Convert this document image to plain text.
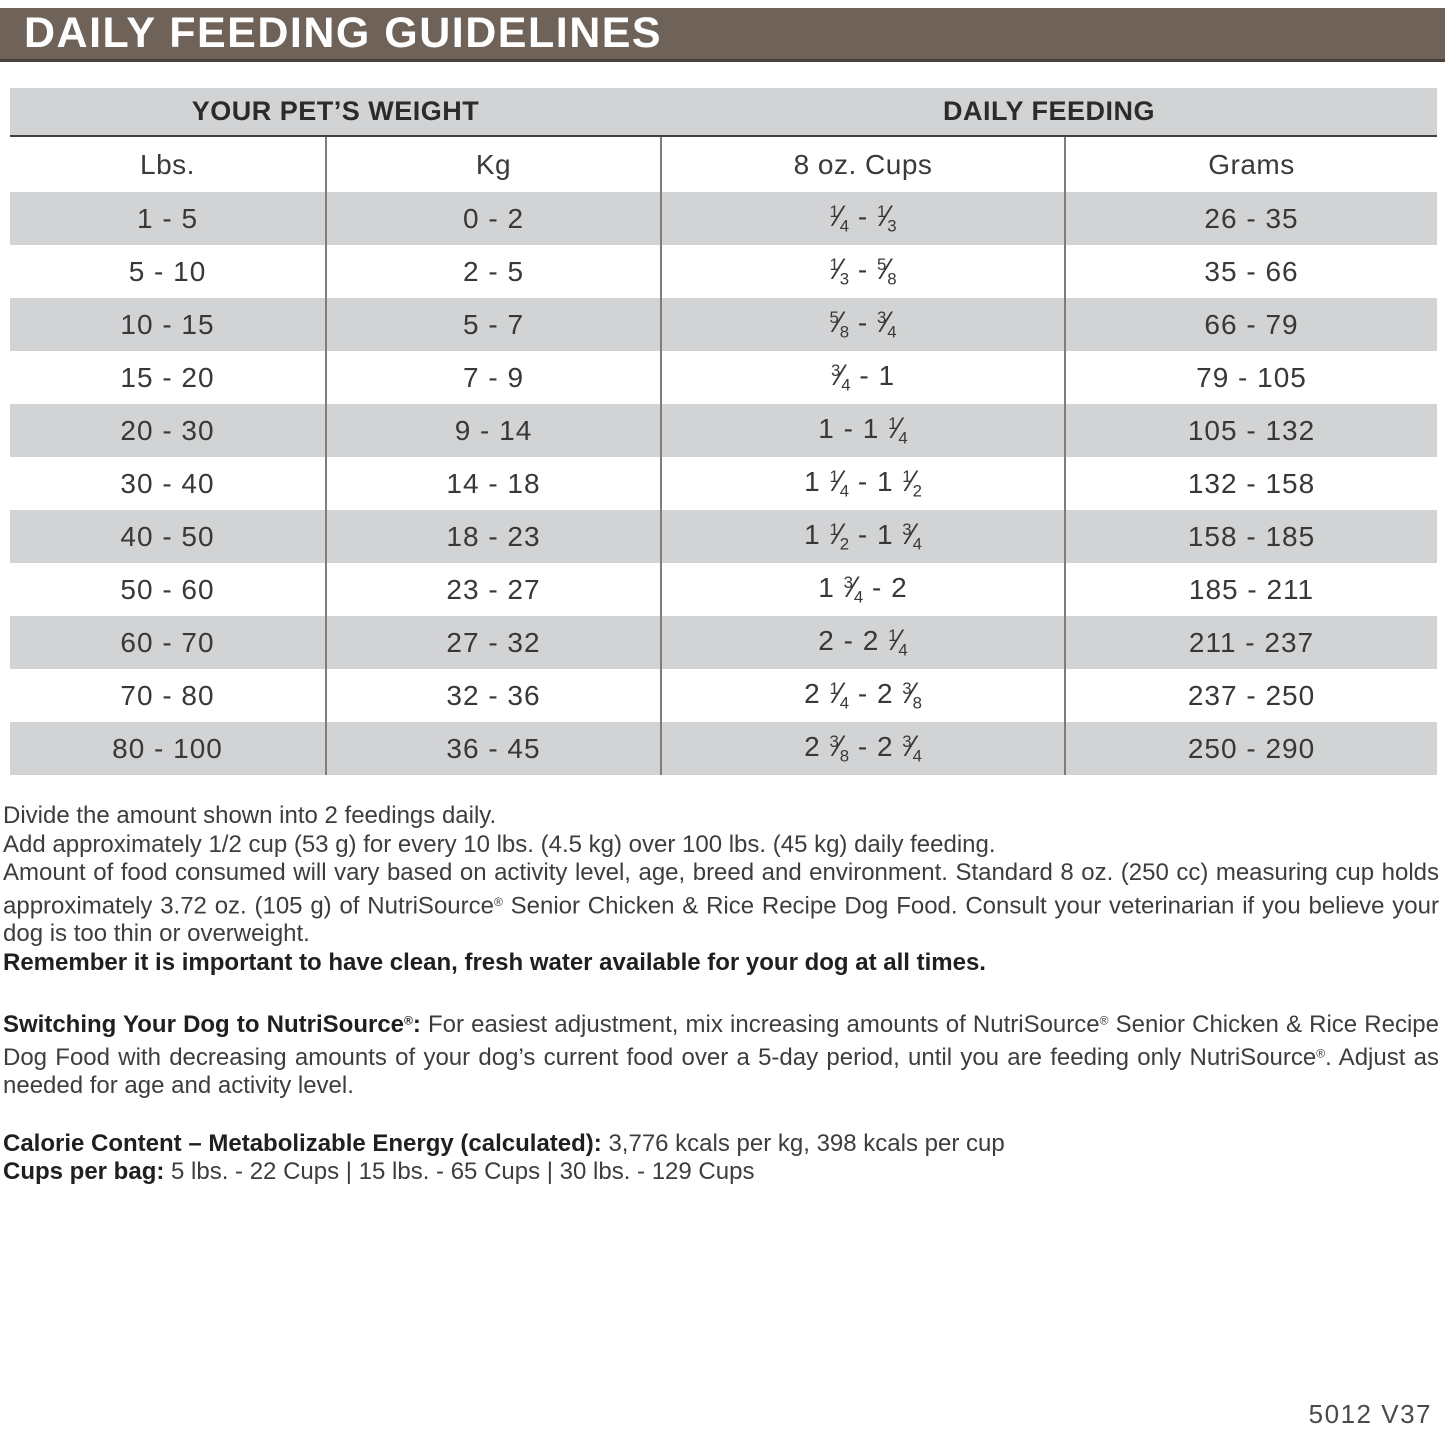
DAILY FEEDING GUIDELINES
YOUR PET’S WEIGHT		DAILY FEEDING	
Lbs.	Kg	8 oz. Cups	Grams
1 - 5	0 - 2	$^1$⁄4 - $^1$⁄3	26 - 35
5 - 10	2 - 5	$^1$⁄3 - $^5$⁄8	35 - 66
10 - 15	5 - 7	$^5$⁄8 - $^3$⁄4	66 - 79
15 - 20	7 - 9	$^3$⁄4 - 1	79 - 105
20 - 30	9 - 14	1 - 1 $^1$⁄4	105 - 132
30 - 40	14 - 18	1 $^1$⁄4 - 1 $^1$⁄2	132 - 158
40 - 50	18 - 23	1 $^1$⁄2 - 1 $^3$⁄4	158 - 185
50 - 60	23 - 27	1 $^3$⁄4 - 2	185 - 211
60 - 70	27 - 32	2 - 2 $^1$⁄4	211 - 237
70 - 80	32 - 36	2 $^1$⁄4 - 2 $^3$⁄8	237 - 250
80 - 100	36 - 45	2 $^3$⁄8 - 2 $^3$⁄4	250 - 290

Divide the amount shown into 2 feedings daily.

Add approximately 1/2 cup (53 g) for every 10 lbs. (4.5 kg) over 100 lbs. (45 kg) daily feeding.

Amount of food consumed will vary based on activity level, age, breed and environment. Standard 8 oz. (250 cc) measuring cup holds approximately 3.72 oz. (105 g) of NutriSource® Senior Chicken & Rice Recipe Dog Food. Consult your veterinarian if you believe your dog is too thin or overweight.

Remember it is important to have clean, fresh water available for your dog at all times.

Switching Your Dog to NutriSource®: For easiest adjustment, mix increasing amounts of NutriSource® Senior Chicken & Rice Recipe Dog Food with decreasing amounts of your dog’s current food over a 5-day period, until you are feeding only NutriSource®. Adjust as needed for age and activity level.

Calorie Content – Metabolizable Energy (calculated): 3,776 kcals per kg, 398 kcals per cup

Cups per bag: 5 lbs. - 22 Cups | 15 lbs. - 65 Cups | 30 lbs. - 129 Cups

5012 V37
